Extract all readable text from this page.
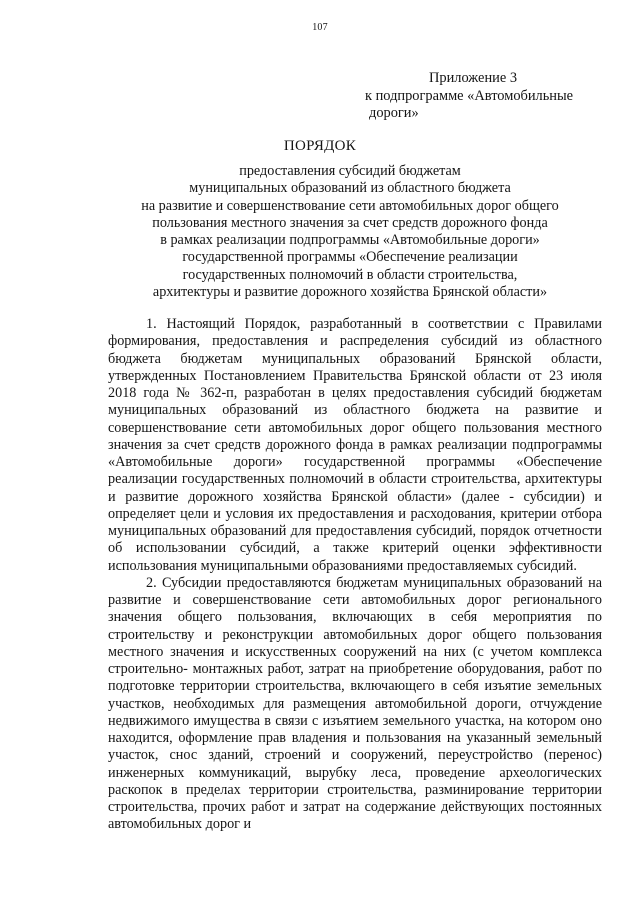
107
Приложение 3
к подпрограмме «Автомобильные
дороги»
ПОРЯДОК
предоставления субсидий бюджетам
муниципальных образований из областного бюджета
на развитие и совершенствование сети автомобильных дорог общего
пользования местного значения за счет средств дорожного фонда
в рамках реализации подпрограммы «Автомобильные дороги»
государственной программы «Обеспечение реализации
государственных полномочий в области строительства,
архитектуры и развитие дорожного хозяйства Брянской области»

1. Настоящий Порядок, разработанный в соответствии с Правилами формирования, предоставления и распределения субсидий из областного бюджета бюджетам муниципальных образований Брянской области, утвержденных Постановлением Правительства Брянской области от 23 июля 2018 года № 362-п, разработан в целях предоставления субсидий бюджетам муниципальных образований из областного бюджета на развитие и совершенствование сети автомобильных дорог общего пользования местного значения за счет средств дорожного фонда в рамках реализации подпрограммы «Автомобильные дороги» государственной программы «Обеспечение реализации государственных полномочий в области строительства, архитектуры и развитие дорожного хозяйства Брянской области» (далее - субсидии) и определяет цели и условия их предоставления и расходования, критерии отбора муниципальных образований для предоставления субсидий, порядок отчетности об использовании субсидий, а также критерий оценки эффективности использования муниципальными образованиями предоставляемых субсидий.

2. Субсидии предоставляются бюджетам муниципальных образований на развитие и совершенствование сети автомобильных дорог регионального значения общего пользования, включающих в себя мероприятия по строительству и реконструкции автомобильных дорог общего пользования местного значения и искусственных сооружений на них (с учетом комплекса строительно- монтажных работ, затрат на приобретение оборудования, работ по подготовке территории строительства, включающего в себя изъятие земельных участков, необходимых для размещения автомобильной дороги, отчуждение недвижимого имущества в связи с изъятием земельного участка, на котором оно находится, оформление прав владения и пользования на указанный земельный участок, снос зданий, строений и сооружений, переустройство (перенос) инженерных коммуникаций, вырубку леса, проведение археологических раскопок в пределах территории строительства, разминирование территории строительства, прочих работ и затрат на содержание действующих постоянных автомобильных дорог и
